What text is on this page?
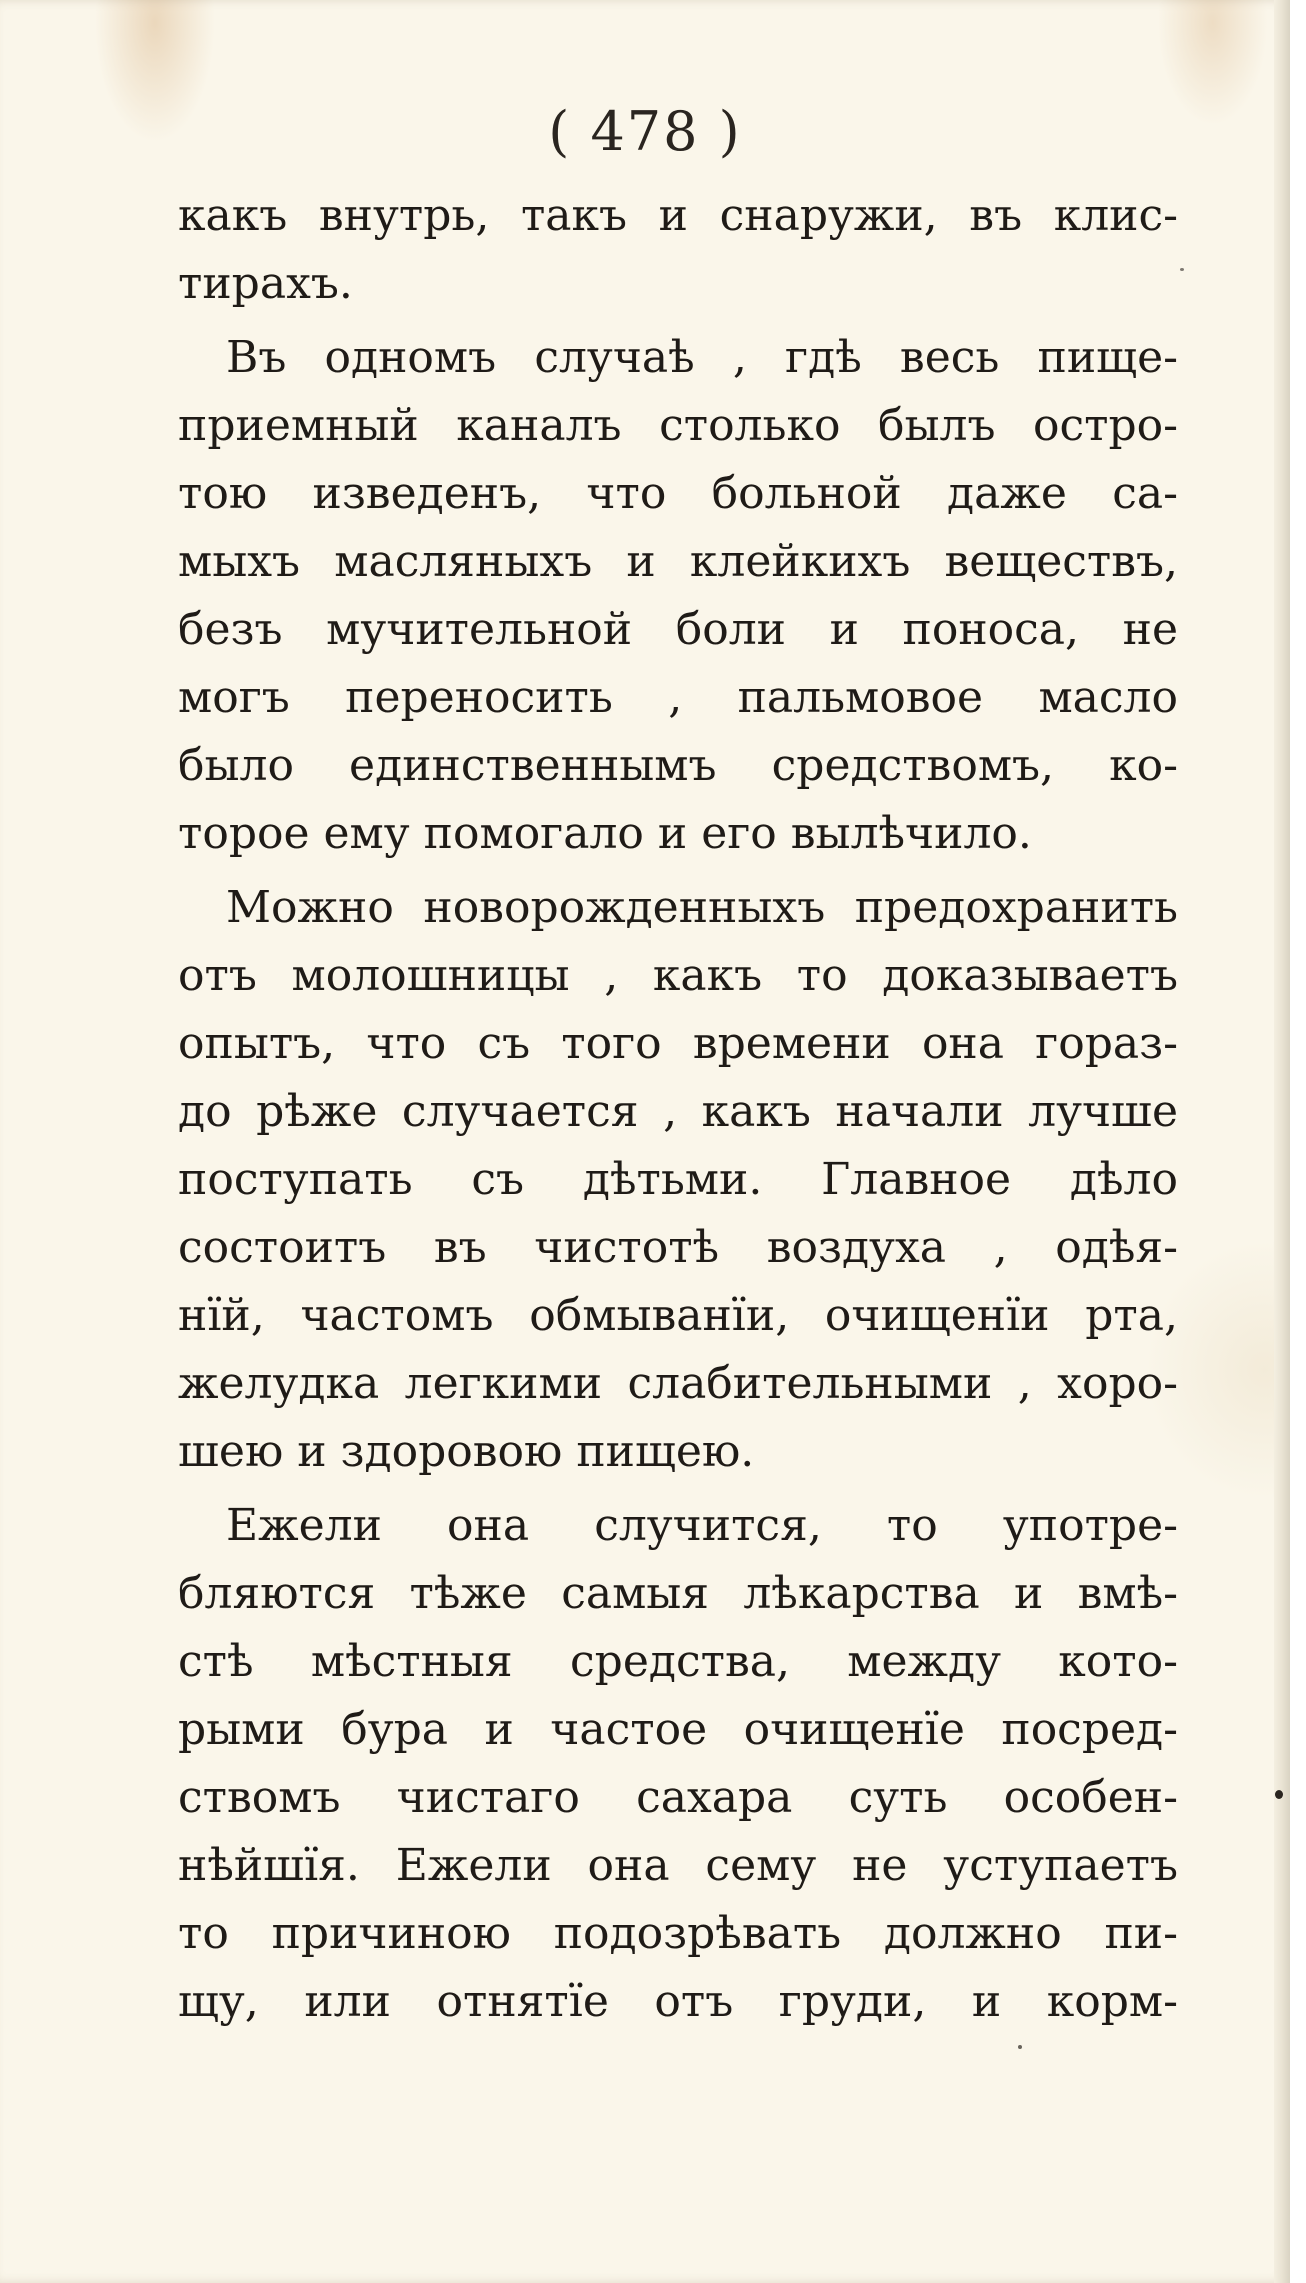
( 478 )
какъ внутрь, такъ и снаружи, въ клис-
тирахъ.
Въ одномъ случаѣ , гдѣ весь пище-
приемный каналъ столько былъ остро-
тою изведенъ, что больной даже са-
мыхъ масляныхъ и клейкихъ веществъ,
безъ мучительной боли и поноса, не
могъ переносить , пальмовое масло
было единственнымъ средствомъ, ко-
торое ему помогало и его вылѣчило.
Можно новорожденныхъ предохранить
отъ молошницы , какъ то доказываетъ
опытъ, что съ того времени она гораз-
до рѣже случается , какъ начали лучше
поступать съ дѣтьми. Главное дѣло
состоитъ въ чистотѣ воздуха , одѣя-
нїй, частомъ обмыванїи, очищенїи рта,
желудка легкими слабительными , хоро-
шею и здоровою пищею.
Ежели она случится, то употре-
бляются тѣже самыя лѣкарства и вмѣ-
стѣ мѣстныя средства, между кото-
рыми бура и частое очищенїе посред-
ствомъ чистаго сахара суть особен-
нѣйшїя. Ежели она сему не уступаетъ
то причиною подозрѣвать должно пи-
щу, или отнятїе отъ груди, и корм-
